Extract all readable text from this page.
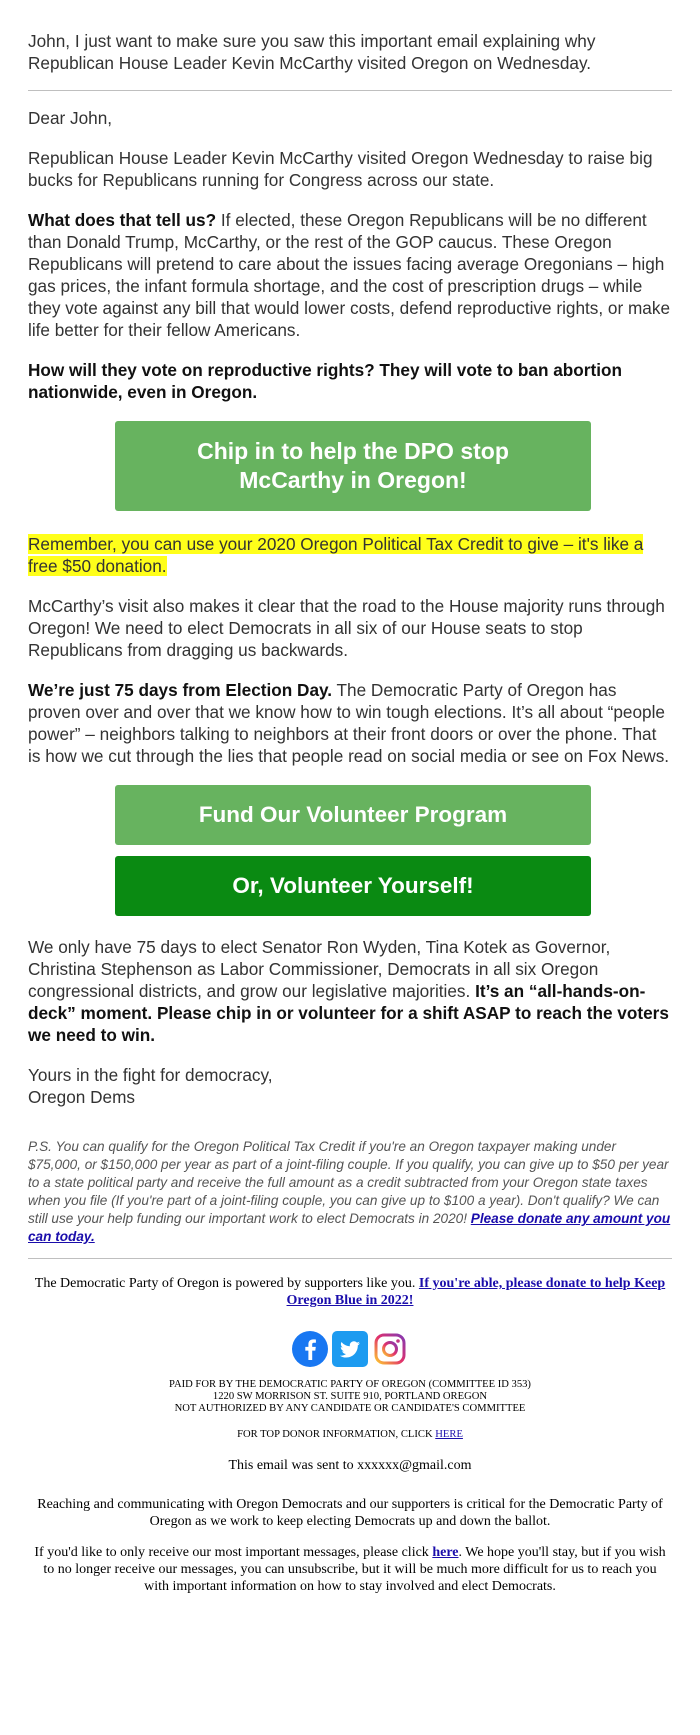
John, I just want to make sure you saw this important email explaining why Republican House Leader Kevin McCarthy visited Oregon on Wednesday.

Dear John,

Republican House Leader Kevin McCarthy visited Oregon Wednesday to raise big bucks for Republicans running for Congress across our state.

What does that tell us? If elected, these Oregon Republicans will be no different than Donald Trump, McCarthy, or the rest of the GOP caucus. These Oregon Republicans will pretend to care about the issues facing average Oregonians – high gas prices, the infant formula shortage, and the cost of prescription drugs – while they vote against any bill that would lower costs, defend reproductive rights, or make life better for their fellow Americans.

How will they vote on reproductive rights? They will vote to ban abortion nationwide, even in Oregon.

Chip in to help the DPO stop
McCarthy in Oregon!

Remember, you can use your 2020 Oregon Political Tax Credit to give – it's like a free $50 donation.

McCarthy’s visit also makes it clear that the road to the House majority runs through Oregon! We need to elect Democrats in all six of our House seats to stop Republicans from dragging us backwards.

We’re just 75 days from Election Day. The Democratic Party of Oregon has proven over and over that we know how to win tough elections. It’s all about “people power” – neighbors talking to neighbors at their front doors or over the phone. That is how we cut through the lies that people read on social media or see on Fox News.

Fund Our Volunteer Program
Or, Volunteer Yourself!

We only have 75 days to elect Senator Ron Wyden, Tina Kotek as Governor, Christina Stephenson as Labor Commissioner, Democrats in all six Oregon congressional districts, and grow our legislative majorities. It’s an “all-hands-on-deck” moment. Please chip in or volunteer for a shift ASAP to reach the voters we need to win.

Yours in the fight for democracy,
Oregon Dems

P.S. You can qualify for the Oregon Political Tax Credit if you're an Oregon taxpayer making under $75,000, or $150,000 per year as part of a joint-filing couple. If you qualify, you can give up to $50 per year to a state political party and receive the full amount as a credit subtracted from your Oregon state taxes when you file (If you're part of a joint-filing couple, you can give up to $100 a year). Don't qualify? We can still use your help funding our important work to elect Democrats in 2020! Please donate any amount you can today.

The Democratic Party of Oregon is powered by supporters like you. If you're able, please donate to help Keep Oregon Blue in 2022!

PAID FOR BY THE DEMOCRATIC PARTY OF OREGON (COMMITTEE ID 353)
1220 SW MORRISON ST. SUITE 910, PORTLAND OREGON
NOT AUTHORIZED BY ANY CANDIDATE OR CANDIDATE'S COMMITTEE

FOR TOP DONOR INFORMATION, CLICK HERE

This email was sent to xxxxxx@gmail.com

Reaching and communicating with Oregon Democrats and our supporters is critical for the Democratic Party of Oregon as we work to keep electing Democrats up and down the ballot.

If you'd like to only receive our most important messages, please click here. We hope you'll stay, but if you wish to no longer receive our messages, you can unsubscribe, but it will be much more difficult for us to reach you with important information on how to stay involved and elect Democrats.
